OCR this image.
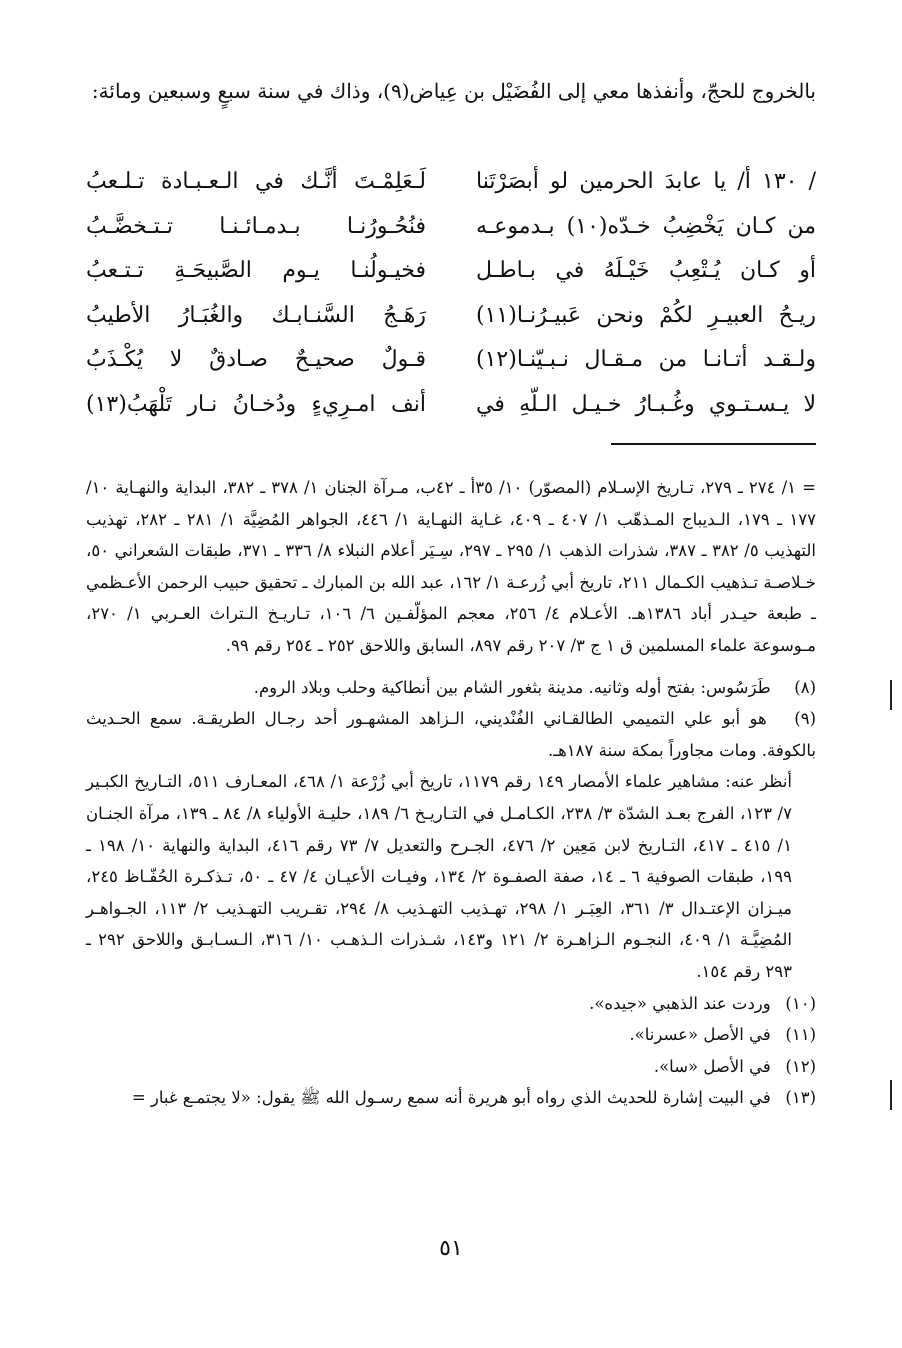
بالخروج للحجّ، وأنفذها معي إلى الفُضَيْل بن عِياض(٩)، وذاك في سنة سبعٍ وسبعين ومائة:

/ ١٣٠ أ/ يا عابدَ الحرمين لو أبصَرْتَنا
لَـعَلِمْـتَ أنَّـك في الـعـبـادة تـلـعبُ
من كـان يَخْضِبُ خـدّه(١٠) بـدموعـه
فنُحُـورُنـا بـدمـائـنـا تـتـخضَّـبُ
أو كـان يُـتْعِبُ خَيْـلَهُ في بـاطـل
فخيـولُنـا يـوم الصَّبيحَـةِ تـتـعبُ
ريـحُ العبيـرِ لكُمْ ونحن عَبيـرُنـا(١١)
رَهَـجُ السَّنـابـك والغُبَـارُ الأطيبُ
ولـقـد أتـانـا من مـقـال نـبـيّنـا(١٢)
قـولٌ صحيـحٌ صـادقٌ لا يُكْـذَبُ
لا يـسـتـوي وغُـبـارُ خـيـل الـلّهِ في
أنف امـرِيءٍ ودُخـانُ نـار تَلْهَبُ(١٣)

= ١/ ٢٧٤ ـ ٢٧٩، تـاريخ الإسـلام (المصوّر) ١٠/ ٣٥أ ـ ٤٢ب، مـرآة الجنان ١/ ٣٧٨ ـ ٣٨٢، البداية والنهـاية ١٠/ ١٧٧ ـ ١٧٩، الـديباج المـذهّب ١/ ٤٠٧ ـ ٤٠٩، غـاية النهـاية ١/ ٤٤٦، الجواهر المُضِيَّة ١/ ٢٨١ ـ ٢٨٢، تهذيب التهذيب ٥/ ٣٨٢ ـ ٣٨٧، شذرات الذهب ١/ ٢٩٥ ـ ٢٩٧، سِـيَر أعلام النبلاء ٨/ ٣٣٦ ـ ٣٧١، طبقات الشعراني ٥٠، خـلاصـة تـذهيب الكـمال ٢١١، تاريخ أبي زُرعـة ١/ ١٦٢، عبد الله بن المبارك ـ تحقيق حبيب الرحمن الأعـظمي ـ طبعة حيـدر أباد ١٣٨٦هـ. الأعـلام ٤/ ٢٥٦، معجم المؤلّفـين ٦/ ١٠٦، تـاريـخ الـتراث العـربي ١/ ٢٧٠، مـوسوعة علماء المسلمين ق ١ ج ٣/ ٢٠٧ رقم ٨٩٧، السابق واللاحق ٢٥٢ ـ ٢٥٤ رقم ٩٩.

(٨) طَرَسُوس: بفتح أوله وثانيه. مدينة بثغور الشام بين أنطاكية وحلب وبلاد الروم.

(٩) هو أبو علي التميمي الطالقـاني الفُنْديني، الـزاهد المشهـور أحد رجـال الطريقـة. سمع الحـديث بالكوفة. ومات مجاوراً بمكة سنة ١٨٧هـ.

أنظر عنه: مشاهير علماء الأمصار ١٤٩ رقم ١١٧٩، تاريخ أبي زُرْعة ١/ ٤٦٨، المعـارف ٥١١، التـاريخ الكبـير ٧/ ١٢٣، الفرج بعـد الشدّة ٣/ ٢٣٨، الكـامـل في التـاريـخ ٦/ ١٨٩، حليـة الأولياء ٨/ ٨٤ ـ ١٣٩، مرآة الجنـان ١/ ٤١٥ ـ ٤١٧، التـاريخ لابن مَعِين ٢/ ٤٧٦، الجـرح والتعديل ٧/ ٧٣ رقم ٤١٦، البداية والنهاية ١٠/ ١٩٨ ـ ١٩٩، طبقات الصوفية ٦ ـ ١٤، صفة الصفـوة ٢/ ١٣٤، وفيـات الأعيـان ٤/ ٤٧ ـ ٥٠، تـذكـرة الحُفّـاظ ٢٤٥، ميـزان الإعتـدال ٣/ ٣٦١، العِبَـر ١/ ٢٩٨، تهـذيب التهـذيب ٨/ ٢٩٤، تقـريب التهـذيب ٢/ ١١٣، الجـواهـر المُضِيَّـة ١/ ٤٠٩، النجـوم الـزاهـرة ٢/ ١٢١ و١٤٣، شـذرات الـذهـب ١٠/ ٣١٦، الـسـابـق واللاحق ٢٩٢ ـ ٢٩٣ رقم ١٥٤.

(١٠) وردت عند الذهبي «جيده».

(١١) في الأصل «عسرنا».

(١٢) في الأصل «سا».

(١٣) في البيت إشارة للحديث الذي رواه أبو هريرة أنه سمع رسـول الله ﷺ يقول: «لا يجتمـع غبار =

٥١
